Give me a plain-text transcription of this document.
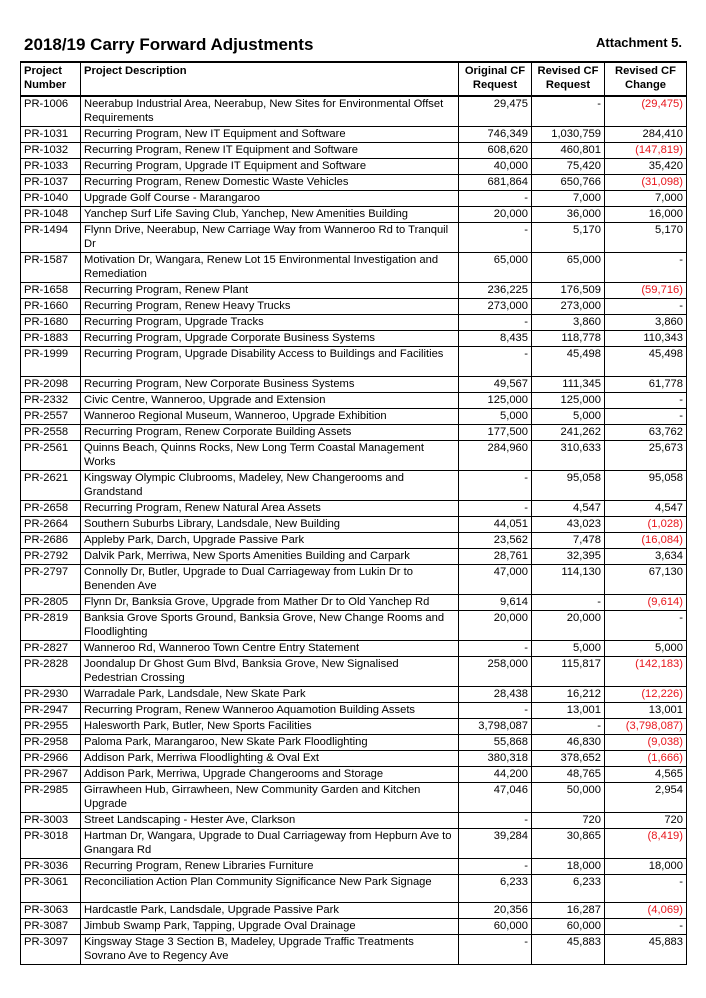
2018/19 Carry Forward Adjustments	Attachment 5.
Project Number	Project Description	Original CF Request	Revised CF Request	Revised CF Change
PR-1006	Neerabup Industrial Area, Neerabup, New Sites for Environmental Offset Requirements	29,475	-	(29,475)
PR-1031	Recurring Program, New IT Equipment and Software	746,349	1,030,759	284,410
PR-1032	Recurring Program, Renew IT Equipment and Software	608,620	460,801	(147,819)
PR-1033	Recurring Program, Upgrade IT Equipment and Software	40,000	75,420	35,420
PR-1037	Recurring Program, Renew Domestic Waste Vehicles	681,864	650,766	(31,098)
PR-1040	Upgrade Golf Course - Marangaroo	-	7,000	7,000
PR-1048	Yanchep Surf Life Saving Club, Yanchep, New Amenities Building	20,000	36,000	16,000
PR-1494	Flynn Drive, Neerabup, New Carriage Way from Wanneroo Rd to Tranquil Dr	-	5,170	5,170
PR-1587	Motivation Dr, Wangara, Renew Lot 15 Environmental Investigation and Remediation	65,000	65,000	-
PR-1658	Recurring Program, Renew Plant	236,225	176,509	(59,716)
PR-1660	Recurring Program, Renew Heavy Trucks	273,000	273,000	-
PR-1680	Recurring Program, Upgrade Tracks	-	3,860	3,860
PR-1883	Recurring Program, Upgrade Corporate Business Systems	8,435	118,778	110,343
PR-1999	Recurring Program, Upgrade Disability Access to Buildings and Facilities	-	45,498	45,498
PR-2098	Recurring Program, New Corporate Business Systems	49,567	111,345	61,778
PR-2332	Civic Centre, Wanneroo, Upgrade and Extension	125,000	125,000	-
PR-2557	Wanneroo Regional Museum, Wanneroo, Upgrade Exhibition	5,000	5,000	-
PR-2558	Recurring Program, Renew Corporate Building Assets	177,500	241,262	63,762
PR-2561	Quinns Beach, Quinns Rocks, New Long Term Coastal Management Works	284,960	310,633	25,673
PR-2621	Kingsway Olympic Clubrooms, Madeley, New Changerooms and Grandstand	-	95,058	95,058
PR-2658	Recurring Program, Renew Natural Area Assets	-	4,547	4,547
PR-2664	Southern Suburbs Library, Landsdale, New Building	44,051	43,023	(1,028)
PR-2686	Appleby Park, Darch, Upgrade Passive Park	23,562	7,478	(16,084)
PR-2792	Dalvik Park, Merriwa, New Sports Amenities Building and Carpark	28,761	32,395	3,634
PR-2797	Connolly Dr, Butler, Upgrade to Dual Carriageway from Lukin Dr to Benenden Ave	47,000	114,130	67,130
PR-2805	Flynn Dr, Banksia Grove, Upgrade from Mather Dr to Old Yanchep Rd	9,614	-	(9,614)
PR-2819	Banksia Grove Sports Ground, Banksia Grove, New Change Rooms and Floodlighting	20,000	20,000	-
PR-2827	Wanneroo Rd, Wanneroo Town Centre Entry Statement	-	5,000	5,000
PR-2828	Joondalup Dr Ghost Gum Blvd, Banksia Grove, New Signalised Pedestrian Crossing	258,000	115,817	(142,183)
PR-2930	Warradale Park, Landsdale, New Skate Park	28,438	16,212	(12,226)
PR-2947	Recurring Program, Renew Wanneroo Aquamotion Building Assets	-	13,001	13,001
PR-2955	Halesworth Park, Butler, New Sports Facilities	3,798,087	-	(3,798,087)
PR-2958	Paloma Park, Marangaroo, New Skate Park Floodlighting	55,868	46,830	(9,038)
PR-2966	Addison Park, Merriwa Floodlighting & Oval Ext	380,318	378,652	(1,666)
PR-2967	Addison Park, Merriwa, Upgrade Changerooms and Storage	44,200	48,765	4,565
PR-2985	Girrawheen Hub, Girrawheen, New Community Garden and Kitchen Upgrade	47,046	50,000	2,954
PR-3003	Street Landscaping - Hester Ave, Clarkson	-	720	720
PR-3018	Hartman Dr, Wangara, Upgrade to Dual Carriageway from Hepburn Ave to Gnangara Rd	39,284	30,865	(8,419)
PR-3036	Recurring Program, Renew Libraries Furniture	-	18,000	18,000
PR-3061	Reconciliation Action Plan Community Significance New Park Signage	6,233	6,233	-
PR-3063	Hardcastle Park, Landsdale, Upgrade Passive Park	20,356	16,287	(4,069)
PR-3087	Jimbub Swamp Park, Tapping, Upgrade Oval Drainage	60,000	60,000	-
PR-3097	Kingsway Stage 3 Section B, Madeley, Upgrade Traffic Treatments Sovrano Ave to Regency Ave	-	45,883	45,883
